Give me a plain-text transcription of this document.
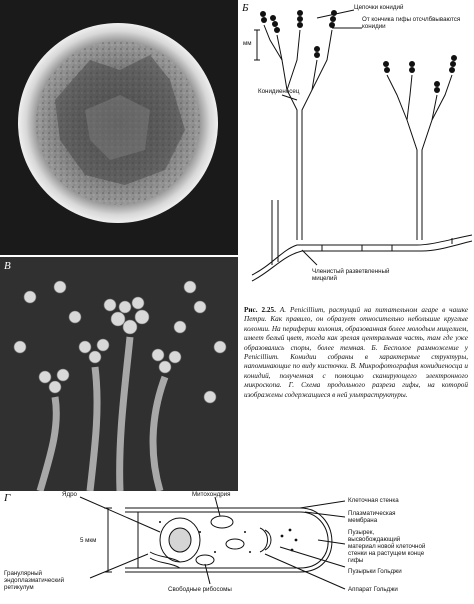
В
Б	Цепочки конидий
От кончика гифы отсчлбвываются конидии
мм
Конидиеносец
Членистый разветвленный мицелий
Рис. 2.25. А. Penicillium, растущий на питательном агаре в чашке Петри. Как правило, он образует относительно небольшие круглые колонии. На периферии колония, образованная более молодым мицелием, имеет белый цвет, тогда как зрелая центральная часть, там где уже образовались споры, более темная. Б. Бесполое размножение у Penicillium. Конидии собраны в характерные структуры, напоминающие по виду кисточки. В. Микрофотография конидиеносца и конидий, полученная с помощью сканирующего электронного микроскопа. Г. Схема продольного разреза гифы, на которой изображены содержащиеся в ней ультраструктуры.
Г	Ядро	Митохондрия
Клеточная стенка
Плазматическая мембрана
Пузырек, высвобождающий материал новой клеточной стенки на растущем конце гифы
Пузырьки Гольджи
Аппарат Гольджи
Свободные рибосомы
Гранулярный эндоплазматический ретикулум
5 мкм
